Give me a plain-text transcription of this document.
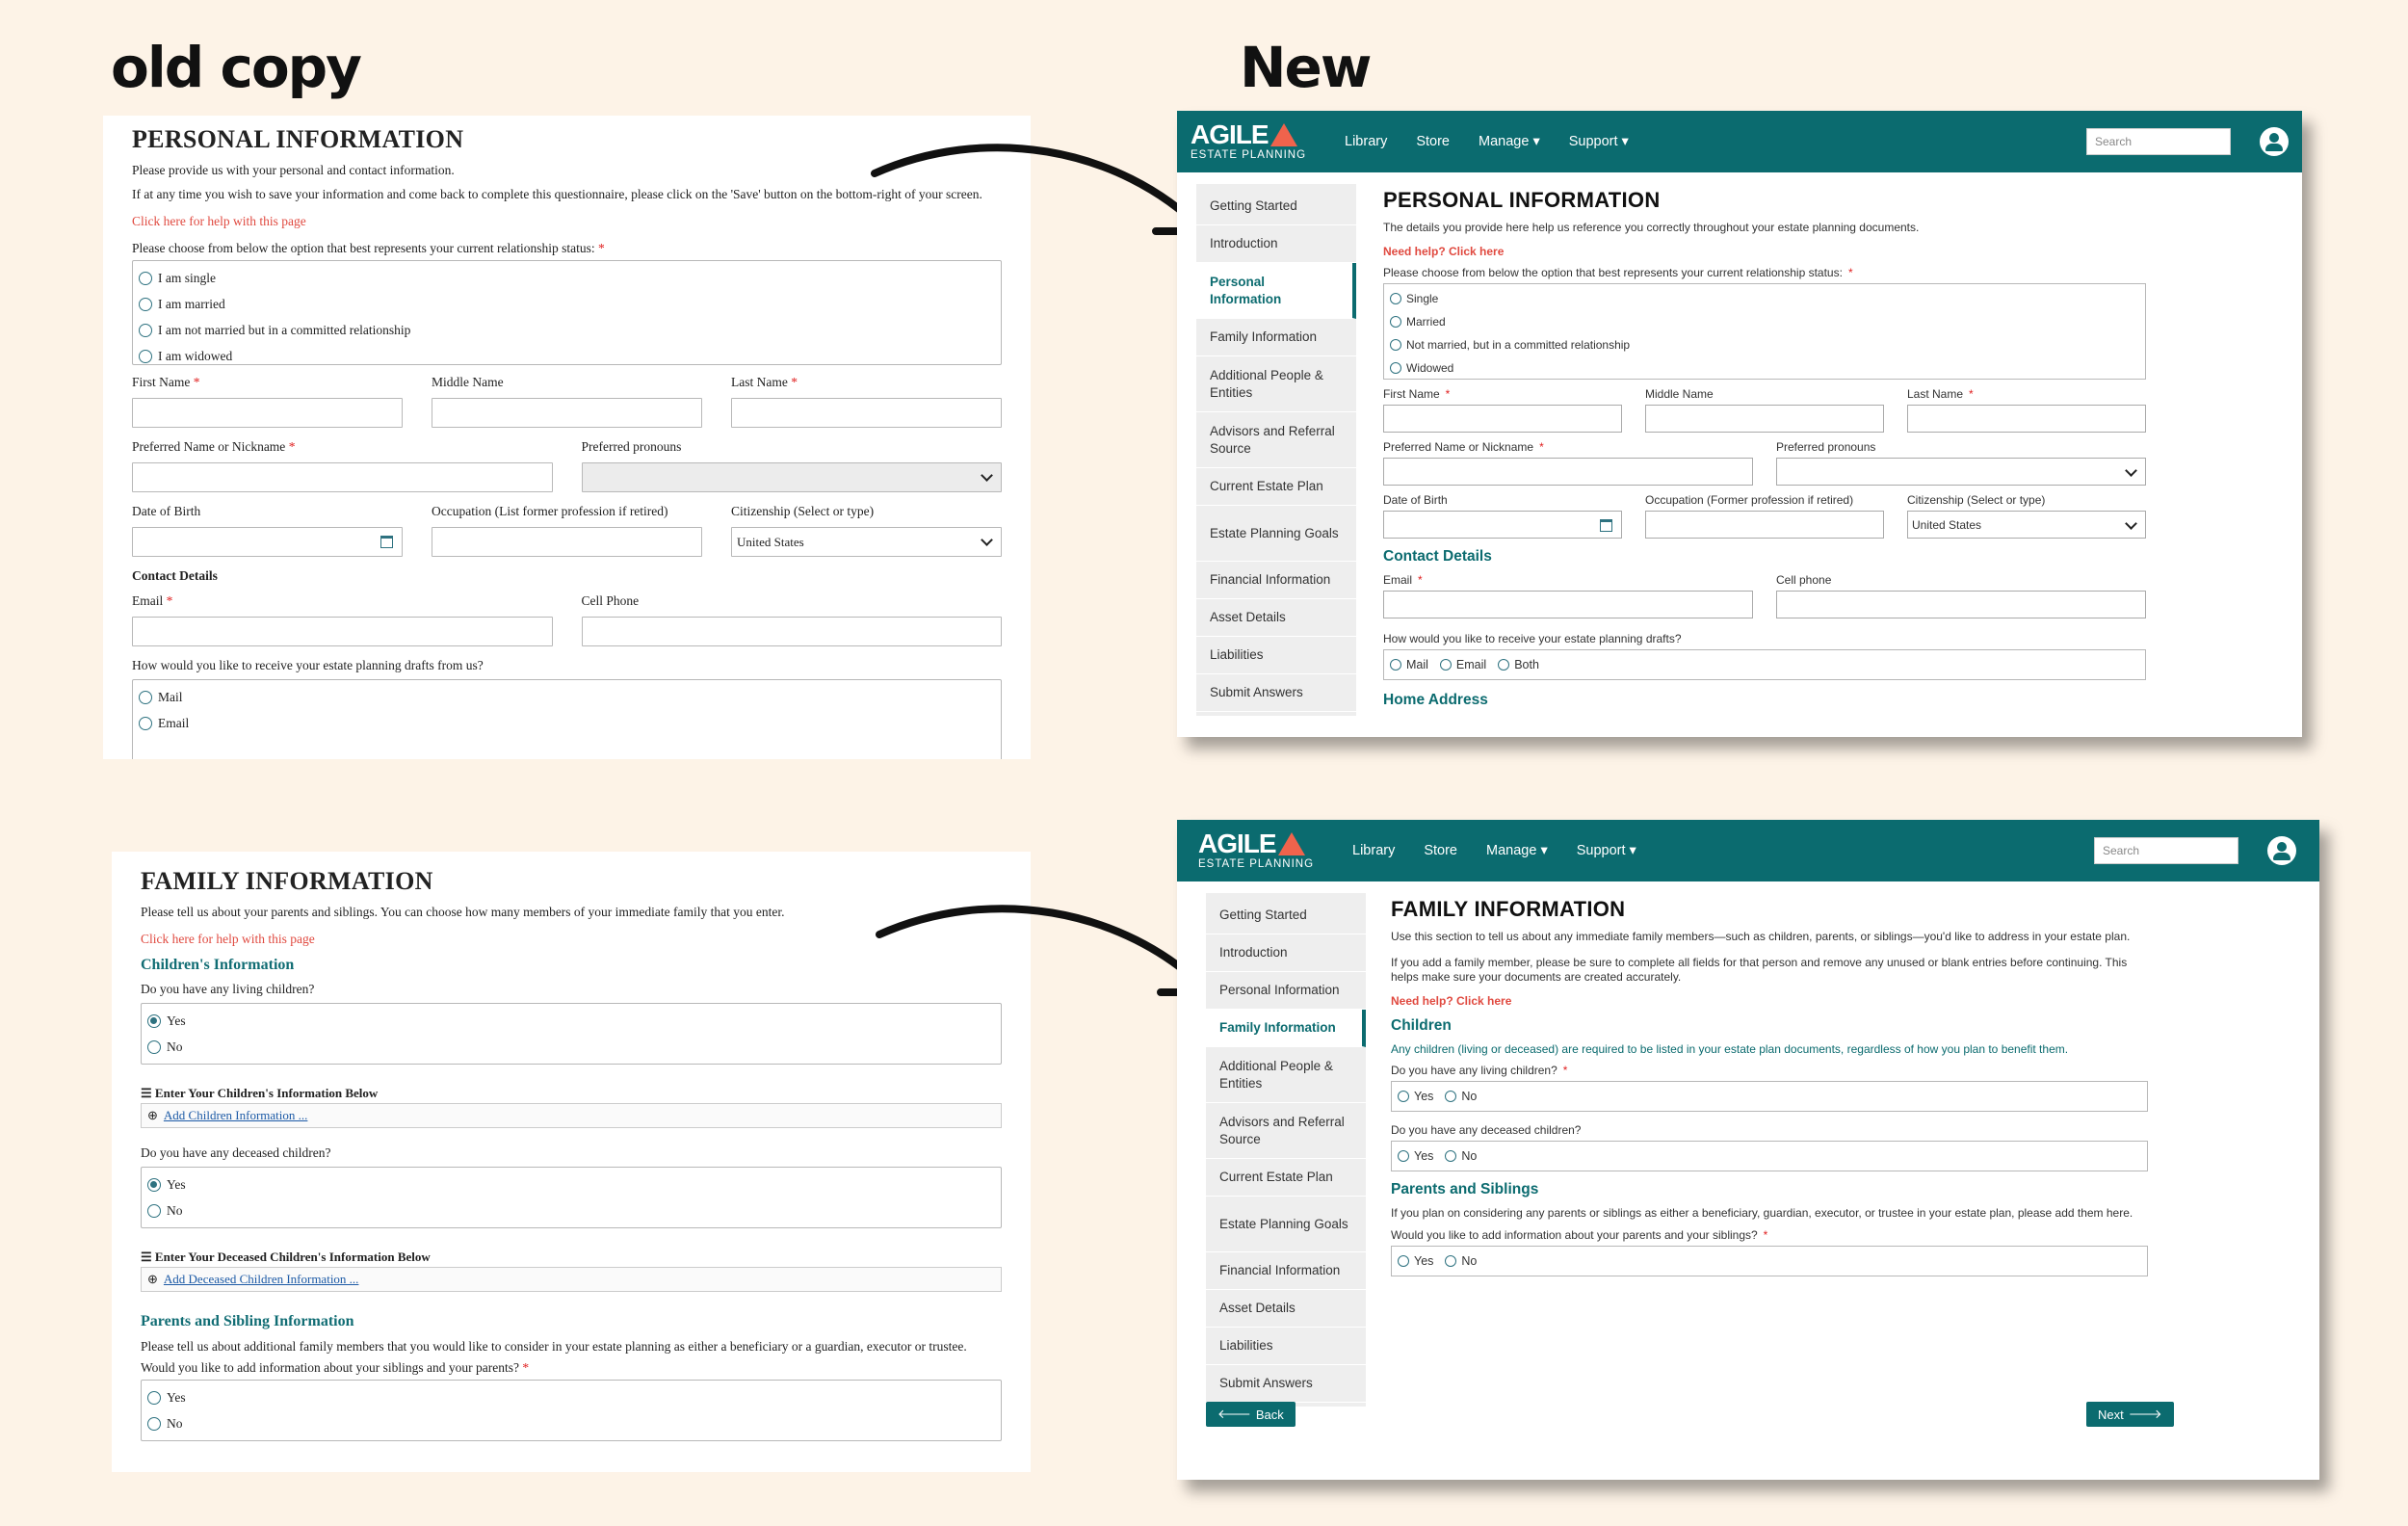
old copy	New
PERSONAL INFORMATION
Please provide us with your personal and contact information.
If at any time you wish to save your information and come back to complete this questionnaire, please click on the 'Save' button on the bottom-right of your screen.
Click here for help with this page
Please choose from below the option that best represents your current relationship status: *
I am single
I am married
I am not married but in a committed relationship
I am widowed
First Name *	Middle Name	Last Name *
Preferred Name or Nickname *	Preferred pronouns
Date of Birth	Occupation (List former profession if retired)	Citizenship (Select or type)
United States
Contact Details
Email *	Cell Phone
How would you like to receive your estate planning drafts from us?
Mail
Email
FAMILY INFORMATION
Please tell us about your parents and siblings. You can choose how many members of your immediate family that you enter.
Click here for help with this page
Children's Information
Do you have any living children?
Yes
No
☰ Enter Your Children's Information Below
⊕ Add Children Information ...
Do you have any deceased children?
Yes
No
☰ Enter Your Deceased Children's Information Below
⊕ Add Deceased Children Information ...
Parents and Sibling Information
Please tell us about additional family members that you would like to consider in your estate planning as either a beneficiary or a guardian, executor or trustee.
Would you like to add information about your siblings and your parents? *
Yes
No
AGILE
ESTATE PLANNING
Library Store Manage ▾ Support ▾	Search
Getting Started
Introduction
Personal Information
Family Information
Additional People & Entities
Advisors and Referral Source
Current Estate Plan
Estate Planning Goals
Financial Information
Asset Details
Liabilities
Submit Answers
PERSONAL INFORMATION
The details you provide here help us reference you correctly throughout your estate planning documents.
Need help? Click here
Please choose from below the option that best represents your current relationship status: *
Single
Married
Not married, but in a committed relationship
Widowed
First Name *	Middle Name	Last Name *
Preferred Name or Nickname *	Preferred pronouns
Date of Birth	Occupation (Former profession if retired)	Citizenship (Select or type)
United States
Contact Details
Email *	Cell phone
How would you like to receive your estate planning drafts?
Mail Email Both
Home Address
AGILE
ESTATE PLANNING
Library Store Manage ▾ Support ▾	Search
Getting Started
Introduction
Personal Information
Family Information
Additional People & Entities
Advisors and Referral Source
Current Estate Plan
Estate Planning Goals
Financial Information
Asset Details
Liabilities
Submit Answers
FAMILY INFORMATION
Use this section to tell us about any immediate family members—such as children, parents, or siblings—you'd like to address in your estate plan.
If you add a family member, please be sure to complete all fields for that person and remove any unused or blank entries before continuing. This helps make sure your documents are created accurately.
Need help? Click here
Children
Any children (living or deceased) are required to be listed in your estate plan documents, regardless of how you plan to benefit them.
Do you have any living children? *
Yes No
Do you have any deceased children?
Yes No
Parents and Siblings
If you plan on considering any parents or siblings as either a beneficiary, guardian, executor, or trustee in your estate plan, please add them here.
Would you like to add information about your parents and your siblings? *
Yes No
🡐 Back	Next 🡒
